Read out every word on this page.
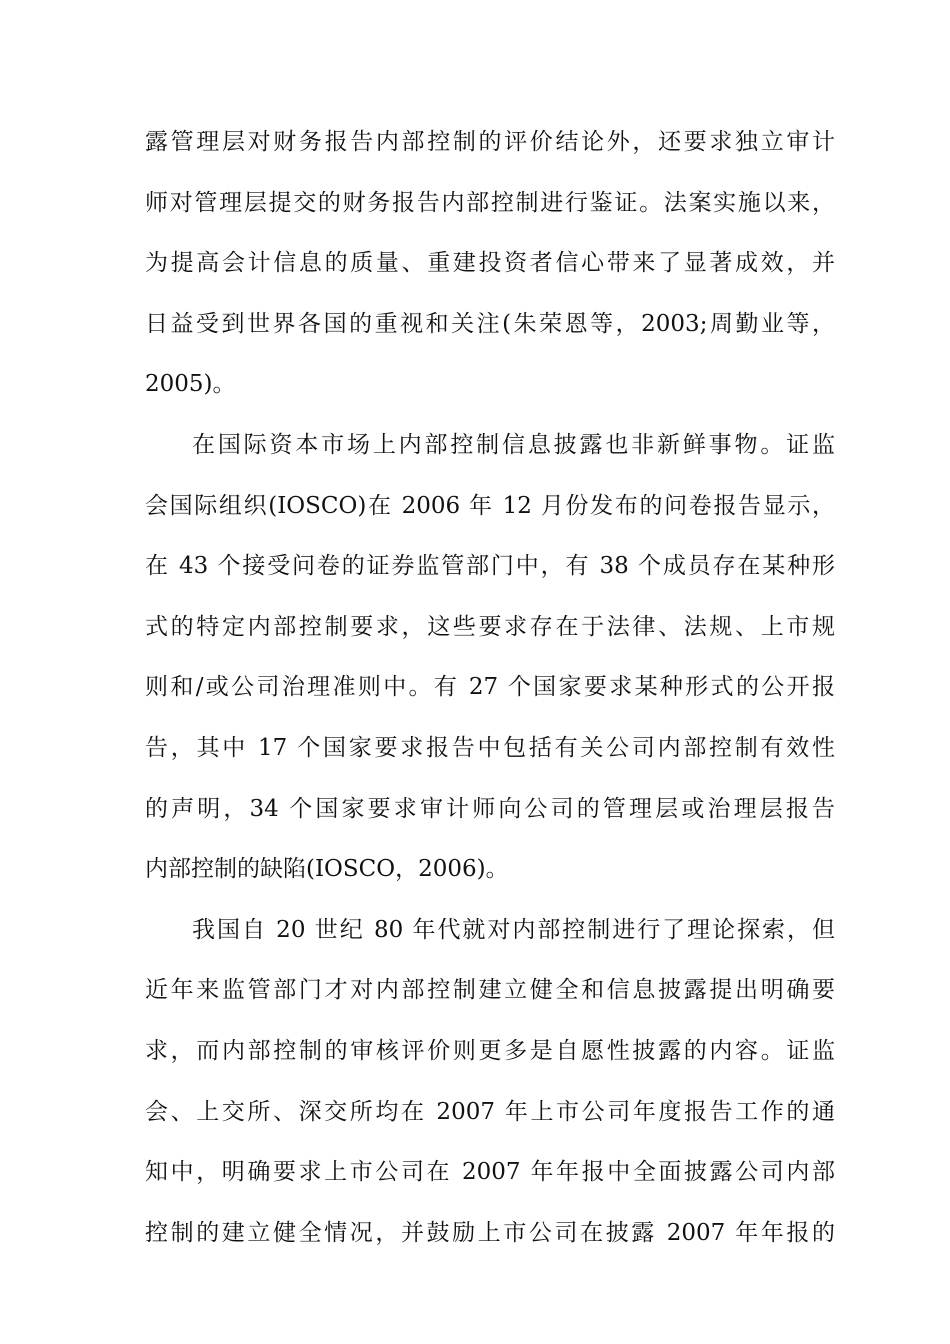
露管理层对财务报告内部控制的评价结论外，还要求独立审计
师对管理层提交的财务报告内部控制进行鉴证。法案实施以来，
为提高会计信息的质量、重建投资者信心带来了显著成效，并
日益受到世界各国的重视和关注(朱荣恩等，2003;周勤业等，
2005)。
在国际资本市场上内部控制信息披露也非新鲜事物。证监
会国际组织(IOSCO)在 2006 年 12 月份发布的问卷报告显示，
在 43 个接受问卷的证券监管部门中，有 38 个成员存在某种形
式的特定内部控制要求，这些要求存在于法律、法规、上市规
则和/或公司治理准则中。有 27 个国家要求某种形式的公开报
告，其中 17 个国家要求报告中包括有关公司内部控制有效性
的声明，34 个国家要求审计师向公司的管理层或治理层报告
内部控制的缺陷(IOSCO，2006)。
我国自 20 世纪 80 年代就对内部控制进行了理论探索，但
近年来监管部门才对内部控制建立健全和信息披露提出明确要
求，而内部控制的审核评价则更多是自愿性披露的内容。证监
会、上交所、深交所均在 2007 年上市公司年度报告工作的通
知中，明确要求上市公司在 2007 年年报中全面披露公司内部
控制的建立健全情况，并鼓励上市公司在披露 2007 年年报的
